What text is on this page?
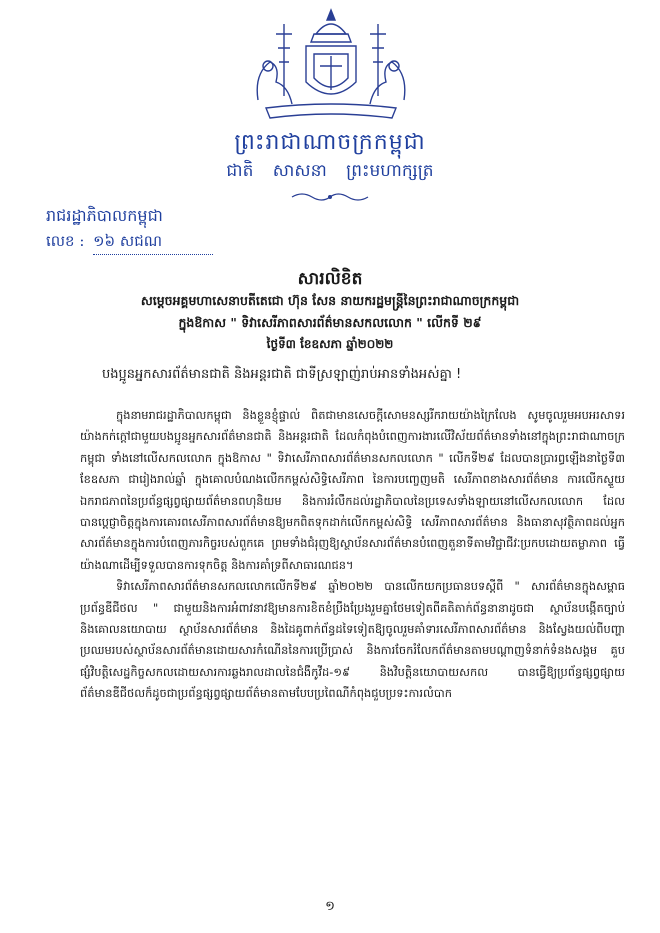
ព្រះរាជាណាចក្រកម្ពុជា
ជាតិ សាសនា ព្រះមហាក្សត្រ
រាជរដ្ឋាភិបាលកម្ពុជា
លេខ : ១៦ សជណ
សារលិខិត
សម្តេចអគ្គមហាសេនាបតីតេជោ ហ៊ុន សែន នាយករដ្ឋមន្ត្រីនៃព្រះរាជាណាចក្រកម្ពុជា
ក្នុងឱកាស " ទិវាសេរីភាពសារព័ត៌មានសកលលោក " លើកទី ២៩
ថ្ងៃទី៣ ខែឧសភា ឆ្នាំ២០២២
បងប្អូនអ្នកសារព័ត៌មានជាតិ និងអន្តរជាតិ ជាទីស្រឡាញ់រាប់អានទាំងអស់គ្នា !

ក្នុងនាមរាជរដ្ឋាភិបាលកម្ពុជា និងខ្លួនខ្ញុំផ្ទាល់ ពិតជាមានសេចក្តីសោមនស្សរីករាយយ៉ាងក្រៃលែង សូមចូលរួមអបអរសាទរយ៉ាងកក់ក្តៅជាមួយបងប្អូនអ្នកសារព័ត៌មានជាតិ និងអន្តរជាតិ ដែលកំពុងបំពេញការងារលើវិស័យព័ត៌មានទាំងនៅក្នុងព្រះរាជាណាចក្រកម្ពុជា ទាំងនៅលើសកលលោក ក្នុងឱកាស " ទិវាសេរីភាពសារព័ត៌មានសកលលោក " លើកទី២៩ ដែលបានប្រារព្ធឡើងនាថ្ងៃទី៣ ខែឧសភា ជារៀងរាល់ឆ្នាំ ក្នុងគោលបំណងលើកកម្ពស់សិទ្ធិសេរីភាព នៃការបញ្ចេញមតិ សេរីភាពខាងសារព័ត៌មាន ការលើកស្ទួយឯករាជភាពនៃប្រព័ន្ធផ្សព្វផ្សាយព័ត៌មានពហុនិយម និងការរំលឹកដល់រដ្ឋាភិបាលនៃប្រទេសទាំងឡាយនៅលើសកលលោក ដែលបានប្តេជ្ញាចិត្តក្នុងការគោរពសេរីភាពសារព័ត៌មានឱ្យមកពិតទុកដាក់លើកកម្ពស់សិទ្ធិ សេរីភាពសារព័ត៌មាន និងធានាសុវត្ថិភាពដល់អ្នកសារព័ត៌មានក្នុងការបំពេញភារកិច្ចរបស់ពួកគេ ព្រមទាំងជំរុញឱ្យស្ថាប័នសារព័ត៌មានបំពេញតួនាទីតាមវិជ្ជាជីវៈប្រកបដោយតម្លាភាព ធ្វើយ៉ាងណាដើម្បីទទួលបានការទុកចិត្ត និងការគាំទ្រពីសាធារណជន។

ទិវាសេរីភាពសារព័ត៌មានសកលលោកលើកទី២៩ ឆ្នាំ២០២២ បានលើកយកប្រធានបទស្តីពី " សារព័ត៌មានក្នុងសម្ពាធប្រព័ន្ធឌីជីថល " ជាមួយនិងការអំពាវនាវឱ្យមានការខិតខំប្រឹងប្រែងរួមគ្នាថែមទៀតពីគតិតាក់ព័ន្ធនានាដូចជា ស្ថាប័នបង្កើតច្បាប់និងគោលនយោបាយ ស្ថាប័នសារព័ត៌មាន និងដៃគូពាក់ព័ន្ធដទៃទៀតឱ្យចូលរួមគាំទារសេរីភាពសារព័ត៌មាន និងស្វែងយល់ពីបញ្ហាប្រឈមរបស់ស្ថាប័នសារព័ត៌មានដោយសារកំណើននៃការប្រើប្រាស់ និងការចែករំលែកព័ត៌មានតាមបណ្តាញទំនាក់ទំនងសង្គម គួបផ្សំវិបត្តិសេដ្ឋកិច្ចសកលដោយសារការឆ្លងរាលដាលនៃជំងឺកូវីដ-១៩ និងវិបត្តិនយោបាយសកល បានធ្វើឱ្យប្រព័ន្ធផ្សព្វផ្សាយព័ត៌មានឌីជីថលក៏ដូចជាប្រព័ន្ធផ្សព្វផ្សាយព័ត៌មានតាមបែបប្រពៃណីកំពុងជួបប្រទះការលំបាក

១
